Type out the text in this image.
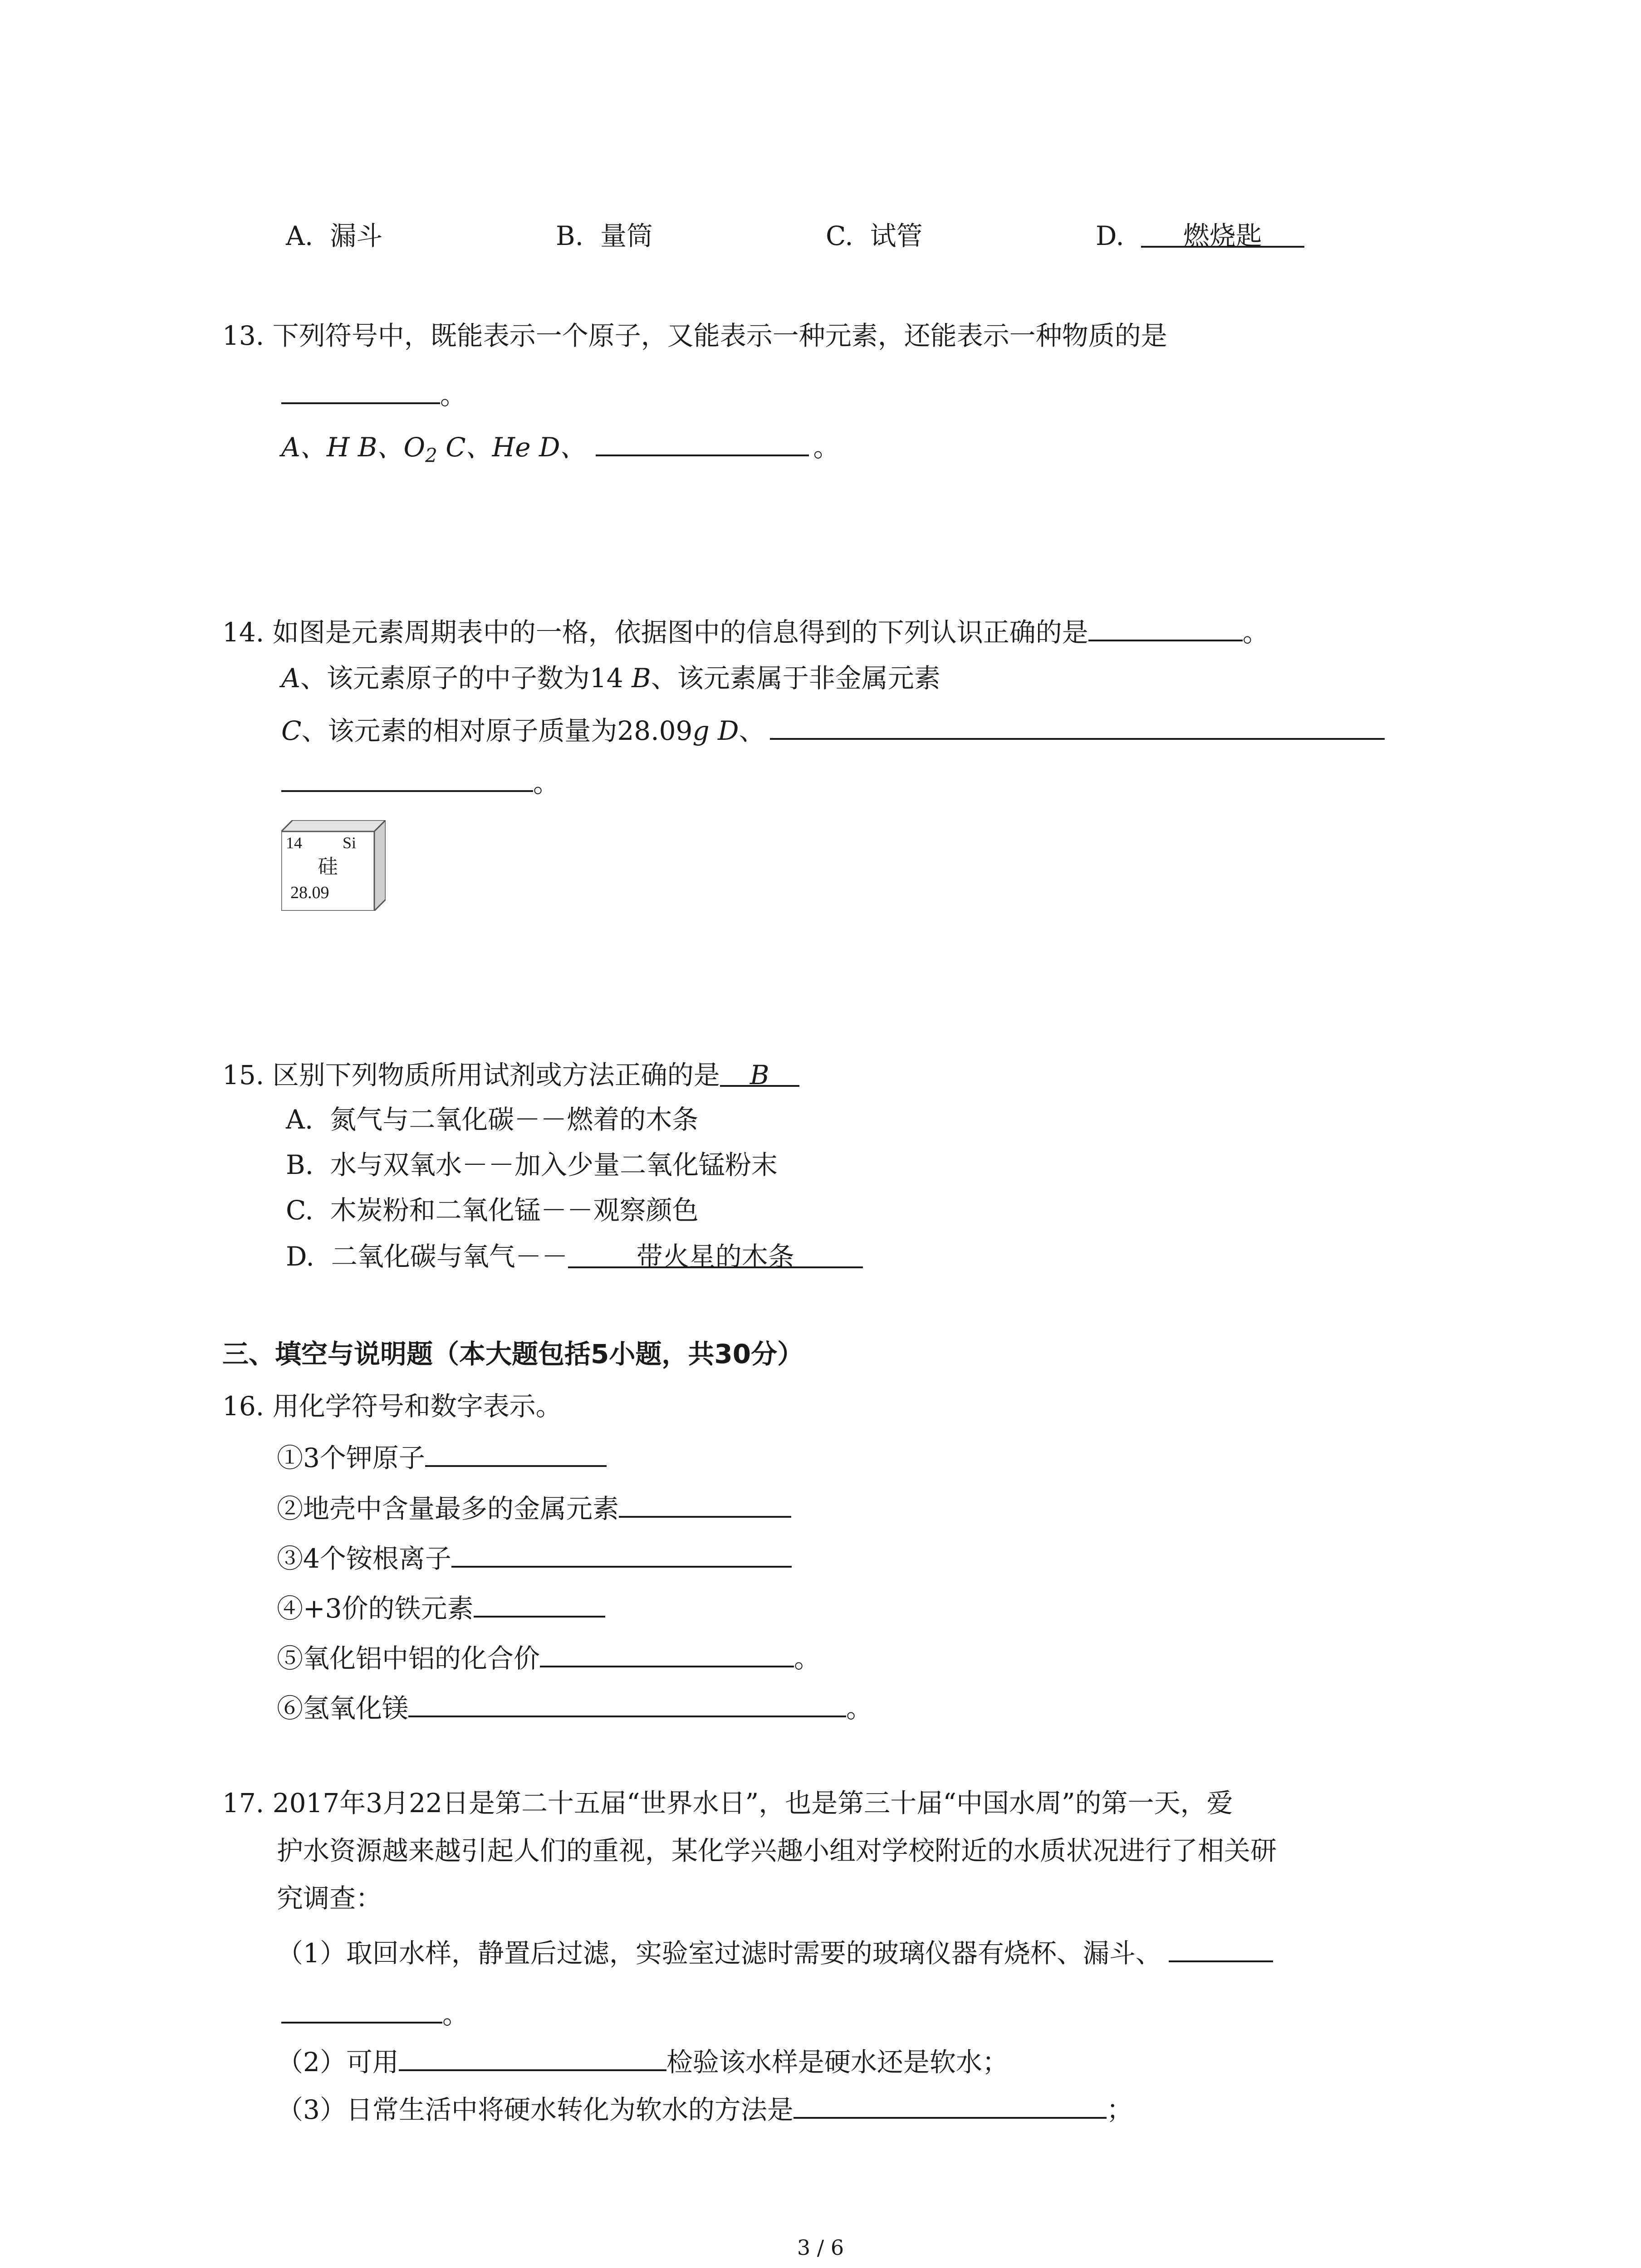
A. 漏斗	B. 量筒	C. 试管	D. 燃烧匙
13. 下列符号中，既能表示一个原子，又能表示一种元素，还能表示一种物质的是
。
A、H B、$O_2$ C、He D、	。
14. 如图是元素周期表中的一格，依据图中的信息得到的下列认识正确的是	。
A、该元素原子的中子数为14 B、该元素属于非金属元素
C、该元素的相对原子质量为28.09g D、
。
14 Si
硅
28.09
15. 区别下列物质所用试剂或方法正确的是 B
A. 氮气与二氧化碳－－燃着的木条
B. 水与双氧水－－加入少量二氧化锰粉末
C. 木炭粉和二氧化锰－－观察颜色
D. 二氧化碳与氧气－－	带火星的木条
三、填空与说明题（本大题包括5小题，共30分）
16. 用化学符号和数字表示。
①3个钾原子
②地壳中含量最多的金属元素
③4个铵根离子
④+3价的铁元素
⑤氧化铝中铝的化合价	。
⑥氢氧化镁	。
17. 2017年3月22日是第二十五届“世界水日”，也是第三十届“中国水周”的第一天，爱
护水资源越来越引起人们的重视，某化学兴趣小组对学校附近的水质状况进行了相关研
究调查：
（1）取回水样，静置后过滤，实验室过滤时需要的玻璃仪器有烧杯、漏斗、
。
（2）可用	检验该水样是硬水还是软水；
（3）日常生活中将硬水转化为软水的方法是	；
3 / 6
